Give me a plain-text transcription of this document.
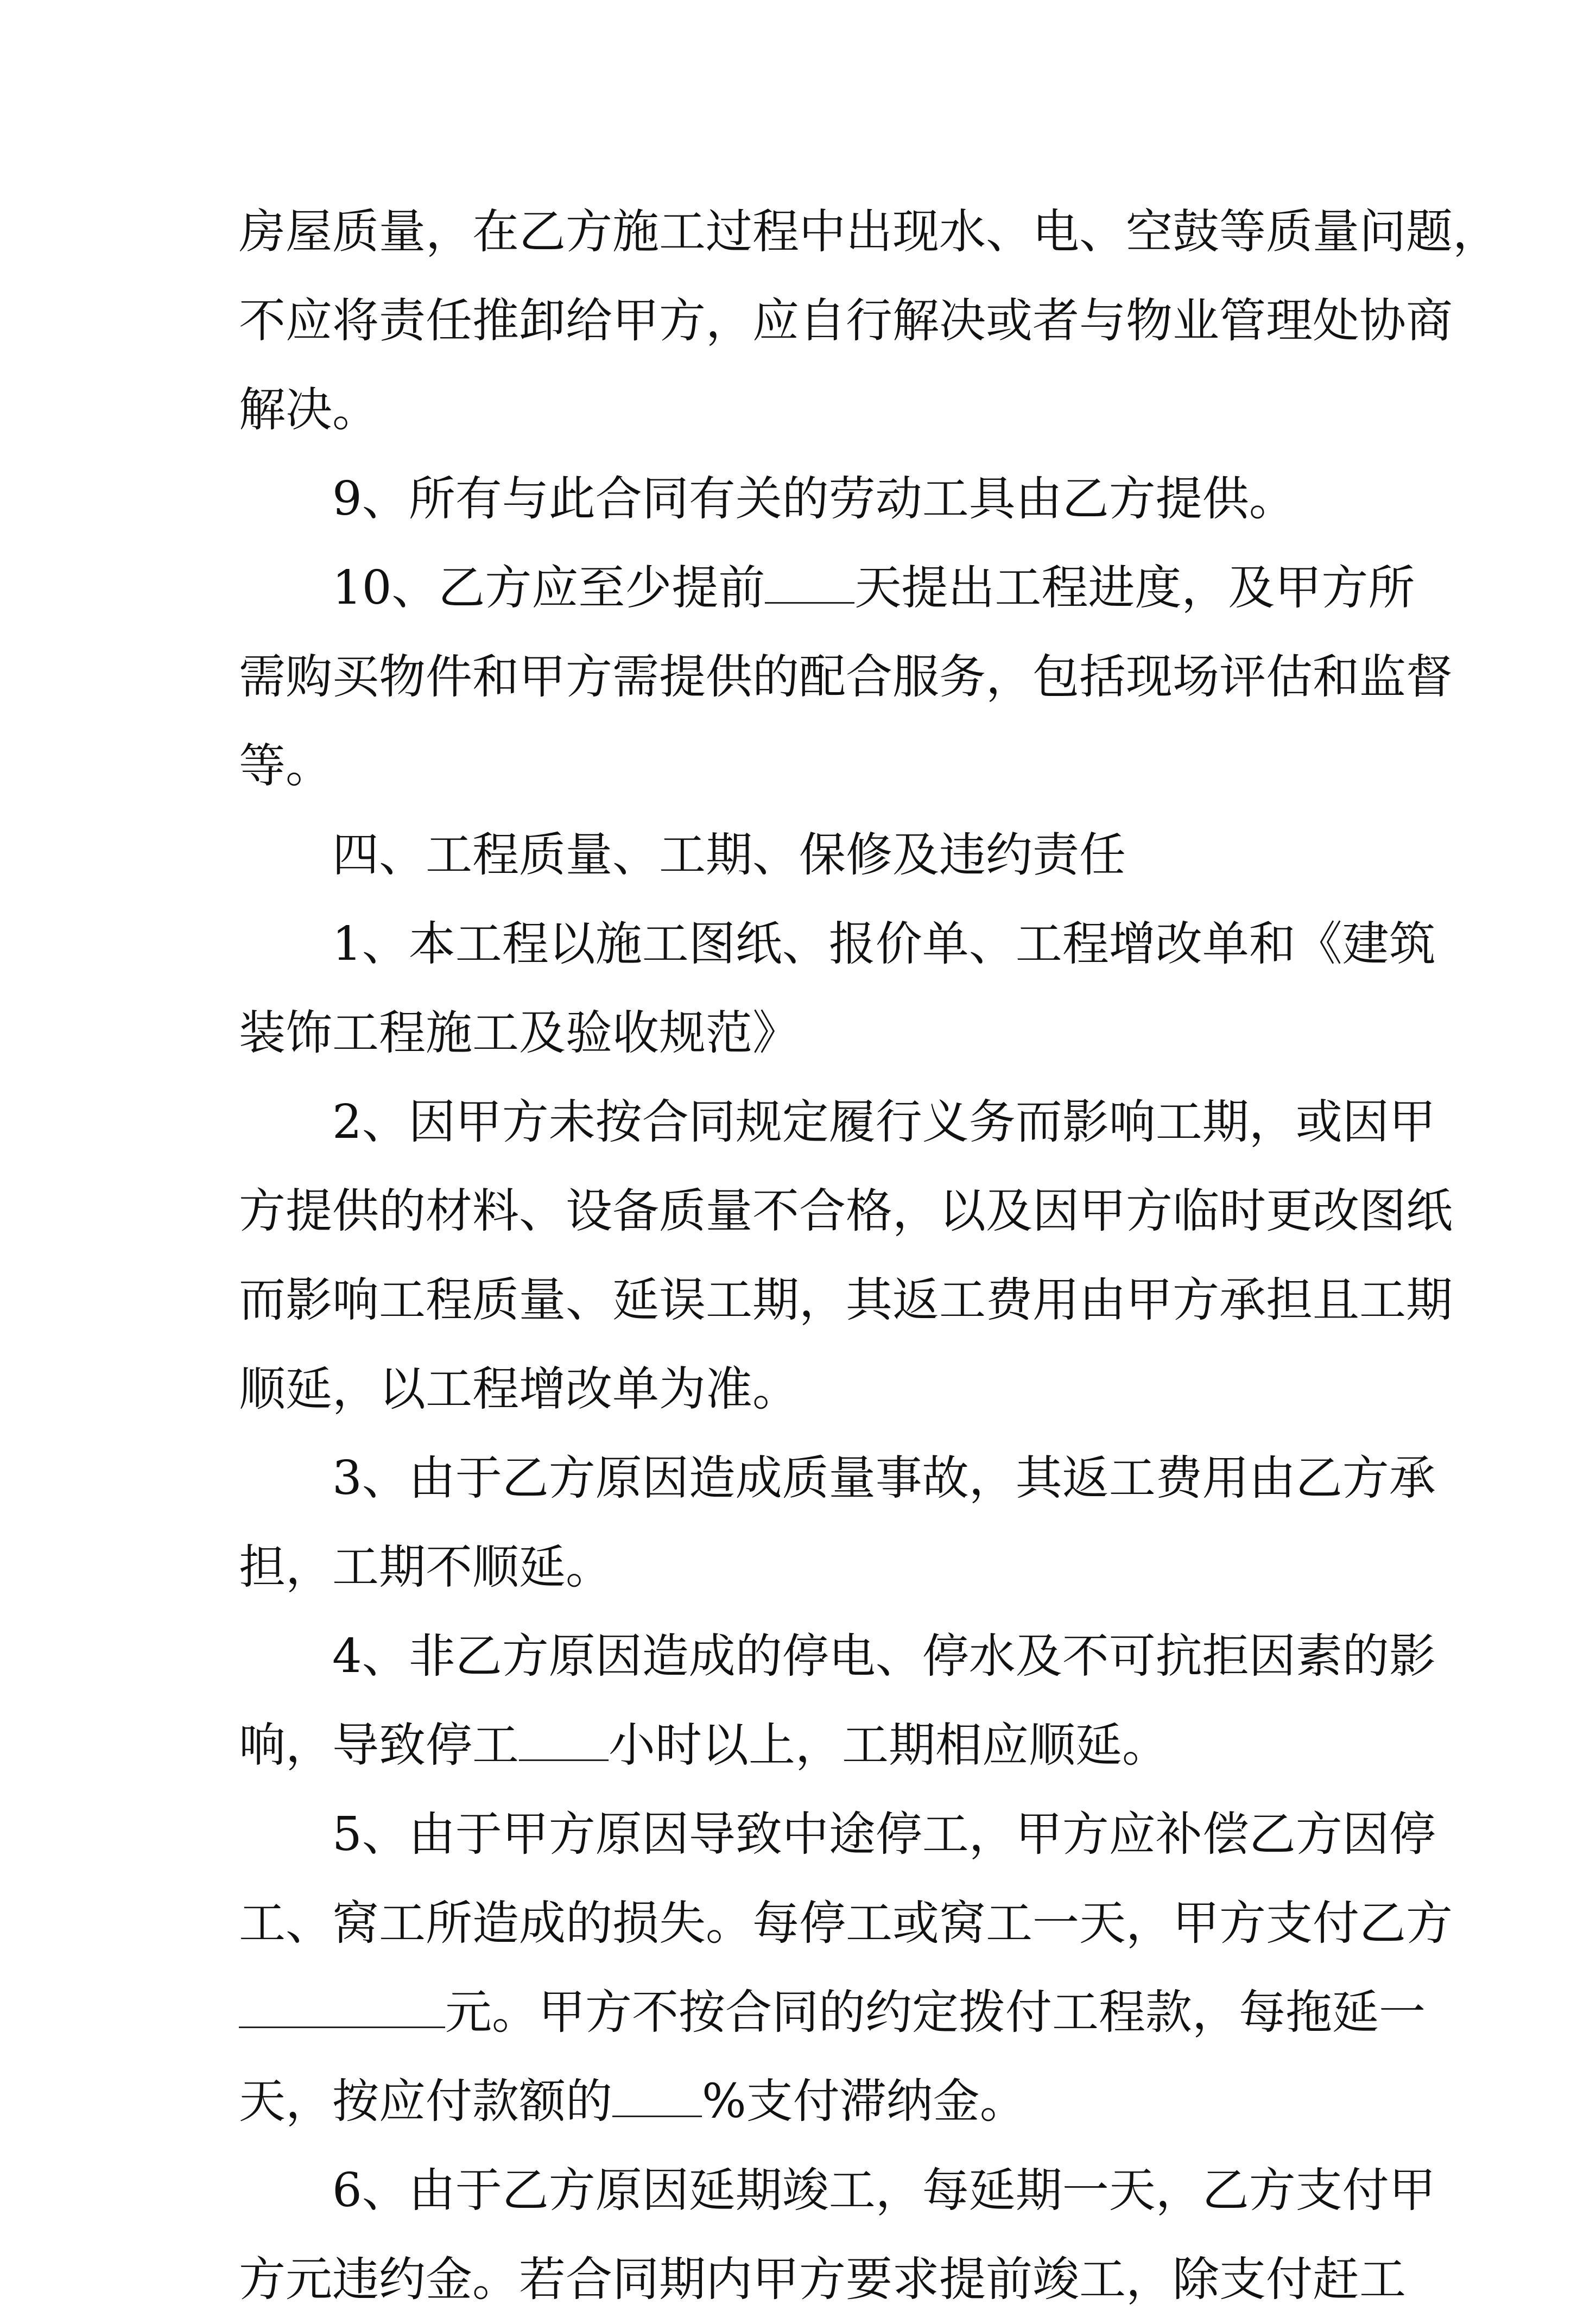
房 屋 质 量 ， 在 乙 方 施 工 过 程 中 出 现 水 、 电 、 空 鼓 等 质 量 问 题 ，
不 应 将 责 任 推 卸 给 甲 方 ， 应 自 行 解 决 或 者 与 物 业 管 理 处 协 商
解决。
9、所有与此合同有关的劳动工具由乙方提供。
10、乙方应至少提前 天提出工程进度，及甲方所
需 购 买 物 件 和 甲 方 需 提 供 的 配 合 服 务 ， 包 括 现 场 评 估 和 监 督
等。
四、工程质量、工期、保修及违约责任
1 、 本 工 程 以 施 工 图 纸 、 报 价 单 、 工 程 增 改 单 和 《 建 筑
装饰工程施工及验收规范》
2 、 因 甲 方 未 按 合 同 规 定 履 行 义 务 而 影 响 工 期 ， 或 因 甲
方 提 供 的 材 料 、 设 备 质 量 不 合 格 ， 以 及 因 甲 方 临 时 更 改 图 纸
而 影 响 工 程 质 量 、 延 误 工 期 ， 其 返 工 费 用 由 甲 方 承 担 且 工 期
顺延，以工程增改单为准。
3 、 由 于 乙 方 原 因 造 成 质 量 事 故 ， 其 返 工 费 用 由 乙 方 承
担，工期不顺延。
4 、 非 乙 方 原 因 造 成 的 停 电 、 停 水 及 不 可 抗 拒 因 素 的 影
响，导致停工 小时以上，工期相应顺延。
5 、 由 于 甲 方 原 因 导 致 中 途 停 工 ， 甲 方 应 补 偿 乙 方 因 停
工 、 窝 工 所 造 成 的 损 失 。 每 停 工 或 窝 工 一 天 ， 甲 方 支 付 乙 方
元。甲方不按合同的约定拨付工程款，每拖延一
天，按应付款额的 %支付滞纳金。
6 、 由 于 乙 方 原 因 延 期 竣 工 ， 每 延 期 一 天 ， 乙 方 支 付 甲
方 元 违 约 金 。 若 合 同 期 内 甲 方 要 求 提 前 竣 工 ， 除 支 付 赶 工
